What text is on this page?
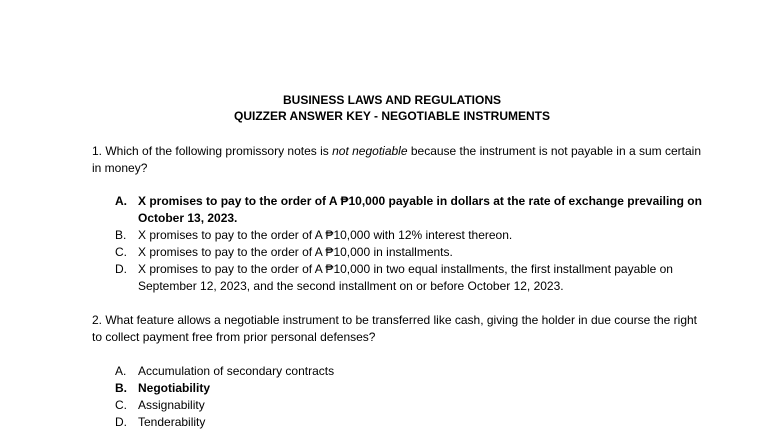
BUSINESS LAWS AND REGULATIONS
QUIZZER ANSWER KEY - NEGOTIABLE INSTRUMENTS
1. Which of the following promissory notes is not negotiable because the instrument is not payable in a sum certain in money?
A. X promises to pay to the order of A ₱10,000 payable in dollars at the rate of exchange prevailing on October 13, 2023.
B. X promises to pay to the order of A ₱10,000 with 12% interest thereon.
C. X promises to pay to the order of A ₱10,000 in installments.
D. X promises to pay to the order of A ₱10,000 in two equal installments, the first installment payable on September 12, 2023, and the second installment on or before October 12, 2023.
2. What feature allows a negotiable instrument to be transferred like cash, giving the holder in due course the right to collect payment free from prior personal defenses?
A. Accumulation of secondary contracts
B. Negotiability
C. Assignability
D. Tenderability
